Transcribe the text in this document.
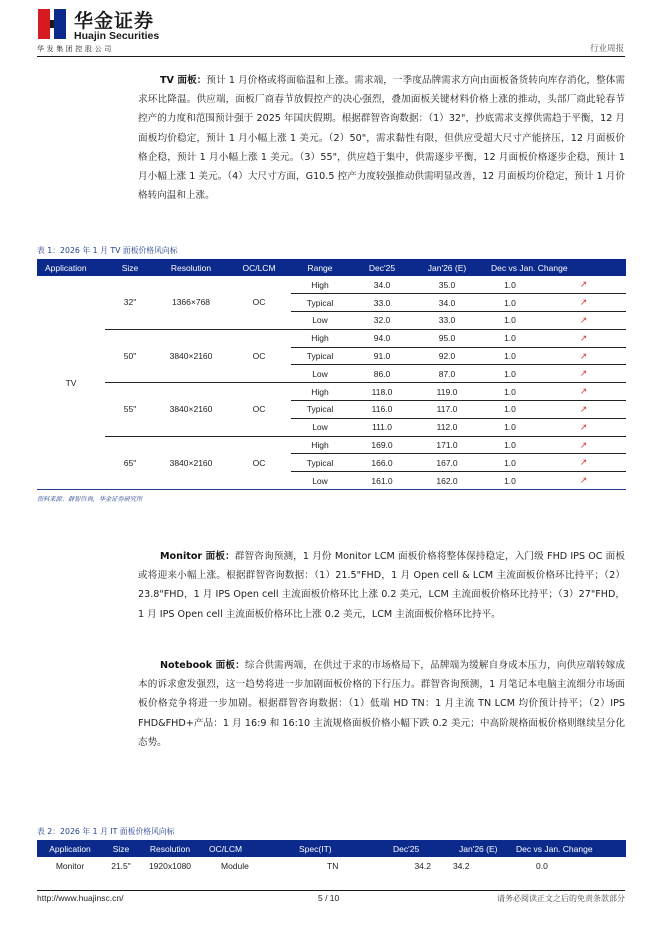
华金证券
Huajin Securities
华发集团控股公司	行业周报
TV 面板：预计 1 月价格或将面临温和上涨。需求端，一季度品牌需求方向由面板备货转向库存消化，整体需求环比降温。供应端，面板厂商春节放假控产的决心强烈，叠加面板关键材料价格上涨的推动，头部厂商此轮春节控产的力度和范围预计强于 2025 年国庆假期。根据群智咨询数据：（1）32"，抄底需求支撑供需趋于平衡，12 月面板均价稳定，预计 1 月小幅上涨 1 美元。（2）50"，需求黏性有限，但供应受超大尺寸产能挤压，12 月面板价格企稳，预计 1 月小幅上涨 1 美元。（3）55"，供应趋于集中，供需逐步平衡，12 月面板价格逐步企稳，预计 1 月小幅上涨 1 美元。（4）大尺寸方面，G10.5 控产力度较强推动供需明显改善，12 月面板均价稳定，预计 1 月价格转向温和上涨。
表 1：2026 年 1 月 TV 面板价格风向标
Application	Size	Resolution	OC/LCM	Range	Dec'25	Jan'26 (E)	Dec vs Jan. Change	
TV	32"	1366×768	OC	High	34.0	35.0	1.0	↗
				Typical	33.0	34.0	1.0	↗
				Low	32.0	33.0	1.0	↗
	50"	3840×2160	OC	High	94.0	95.0	1.0	↗
				Typical	91.0	92.0	1.0	↗
				Low	86.0	87.0	1.0	↗
	55"	3840×2160	OC	High	118.0	119.0	1.0	↗
				Typical	116.0	117.0	1.0	↗
				Low	111.0	112.0	1.0	↗
	65"	3840×2160	OC	High	169.0	171.0	1.0	↗
				Typical	166.0	167.0	1.0	↗
				Low	161.0	162.0	1.0	↗
资料来源：群智咨询，华金证券研究所
Monitor 面板：群智咨询预测，1 月份 Monitor LCM 面板价格将整体保持稳定，入门级 FHD IPS OC 面板或将迎来小幅上涨。根据群智咨询数据：（1）21.5"FHD，1 月 Open cell & LCM 主流面板价格环比持平；（2） 23.8"FHD，1 月 IPS Open cell 主流面板价格环比上涨 0.2 美元，LCM 主流面板价格环比持平；（3）27"FHD，1 月 IPS Open cell 主流面板价格环比上涨 0.2 美元，LCM 主流面板价格环比持平。
Notebook 面板：综合供需两端，在供过于求的市场格局下，品牌端为缓解自身成本压力，向供应端转嫁成本的诉求愈发强烈，这一趋势将进一步加剧面板价格的下行压力。群智咨询预测，1 月笔记本电脑主流细分市场面板价格竞争将进一步加剧。根据群智咨询数据：（1）低端 HD TN：1 月主流 TN LCM 均价预计持平；（2）IPS FHD&FHD+产品：1 月 16:9 和 16:10 主流规格面板价格小幅下跌 0.2 美元；中高阶规格面板价格则继续呈分化态势。
表 2：2026 年 1 月 IT 面板价格风向标
Application	Size	Resolution	OC/LCM	Spec(IT)	Dec'25	Jan'26 (E)	Dec vs Jan. Change
Monitor	21.5"	1920x1080	Module	TN	34.2	34.2	0.0
http://www.huajinsc.cn/	5 / 10	请务必阅读正文之后的免责条款部分
